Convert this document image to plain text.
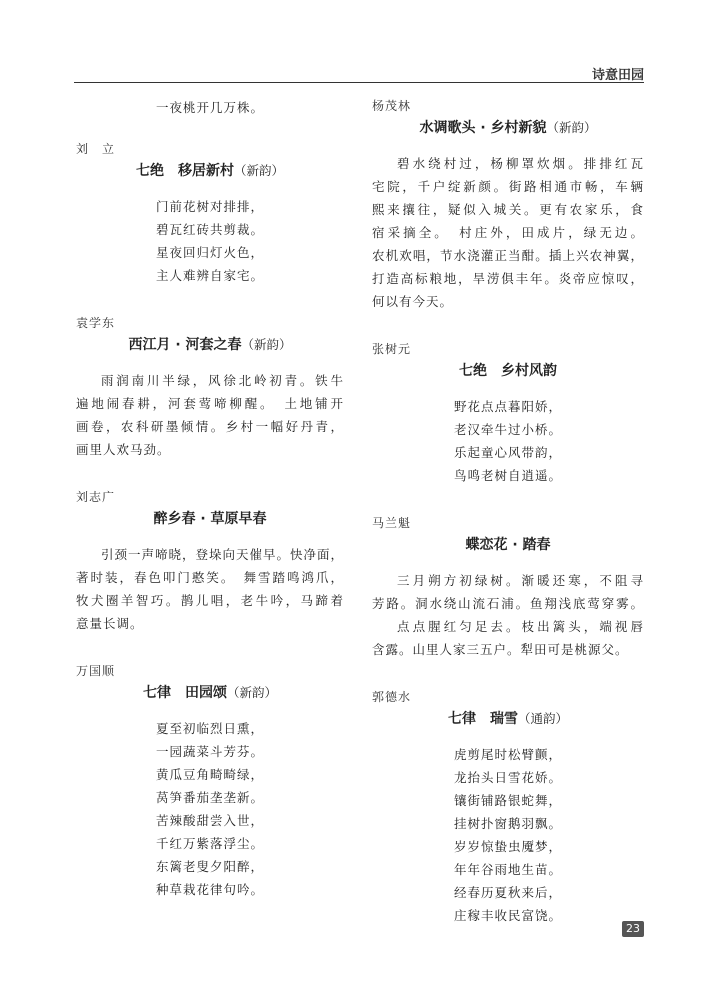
诗意田园
一夜桃开几万株。
刘　立
七绝　移居新村（新韵）
门前花树对排排，
碧瓦红砖共剪裁。
星夜回归灯火色，
主人难辨自家宅。
袁学东
西江月 · 河套之春（新韵）
雨润南川半绿，风徐北岭初青。铁牛
遍地闹春耕，河套莺啼柳醒。　土地铺开
画卷，农科研墨倾情。乡村一幅好丹青，
画里人欢马劲。
刘志广
醉乡春 · 草原早春
引颈一声啼晓，登垛向天催早。快净面，
著时装，春色叩门憨笑。　舞雪踏鸣鸿爪，
牧犬圈羊智巧。鹊儿唱，老牛吟，马蹄着
意量长调。
万国顺
七律　田园颂（新韵）
夏至初临烈日熏，
一园蔬菜斗芳芬。
黄瓜豆角畸畸绿，
莴笋番茄垄垄新。
苦辣酸甜尝入世，
千红万紫落浮尘。
东篱老叟夕阳醉，
种草栽花律句吟。
杨茂林
水调歌头 · 乡村新貌（新韵）
碧水绕村过，杨柳罩炊烟。排排红瓦
宅院，千户绽新颜。街路相通市畅，车辆
熙来攘往，疑似入城关。更有农家乐，食
宿采摘全。　村庄外，田成片，绿无边。
农机欢唱，节水浇灌正当酣。插上兴农神翼，
打造高标粮地，旱涝俱丰年。炎帝应惊叹，
何以有今天。
张树元
七绝　乡村风韵
野花点点暮阳娇，
老汉牵牛过小桥。
乐起童心风带韵，
鸟鸣老树自逍遥。
马兰魁
蝶恋花 · 踏春
三月朔方初绿树。渐暖还寒，不阻寻
芳路。洞水绕山流石浦。鱼翔浅底莺穿雾。
点点腥红匀足去。枝出篱头，端视唇
含露。山里人家三五户。犁田可是桃源父。
郭德水
七律　瑞雪（通韵）
虎剪尾时松臂颤，
龙抬头日雪花娇。
镶街铺路银蛇舞，
挂树扑窗鹅羽飘。
岁岁惊蛰虫魇梦，
年年谷雨地生苗。
经春历夏秋来后，
庄稼丰收民富饶。
23
